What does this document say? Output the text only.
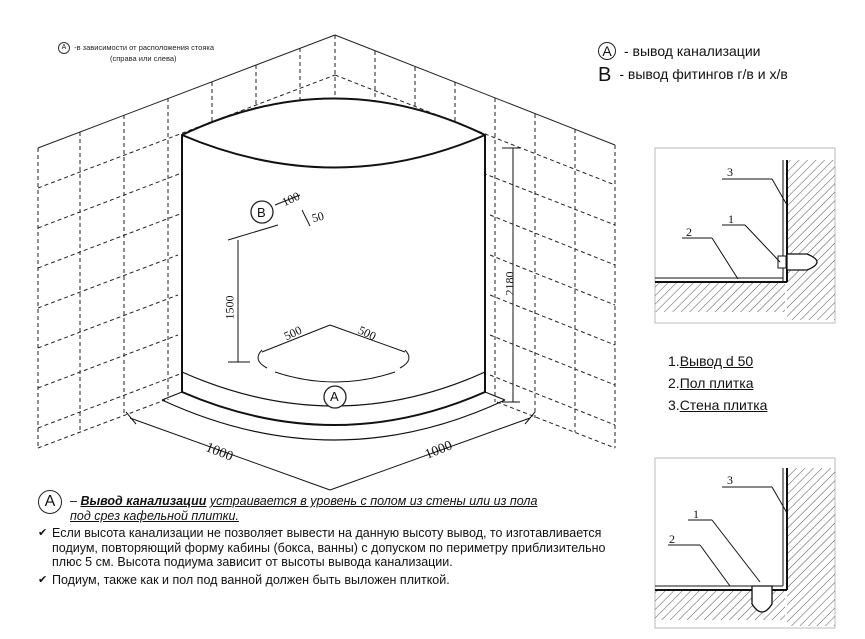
A -в зависимости от расположения стояка
(справа или слева)	A - вывод канализации
B - вывод фитингов г/в и х/в
B
A
100
50
1500
2180
500	500
1000	1000
3
2
1
3
1
2
1.Вывод d 50
2.Пол плитка
3.Стена плитка
A	– Вывод канализации устраивается в уровень с полом из стены или из пола
под срез кафельной плитки.
✔ Если высота канализации не позволяет вывести на данную высоту вывод, то изготавливается подиум, повторяющий форму кабины (бокса, ванны) с допуском по периметру приблизительно плюс 5 см. Высота подиума зависит от высоты вывода канализации.
✔ Подиум, также как и пол под ванной должен быть выложен плиткой.
